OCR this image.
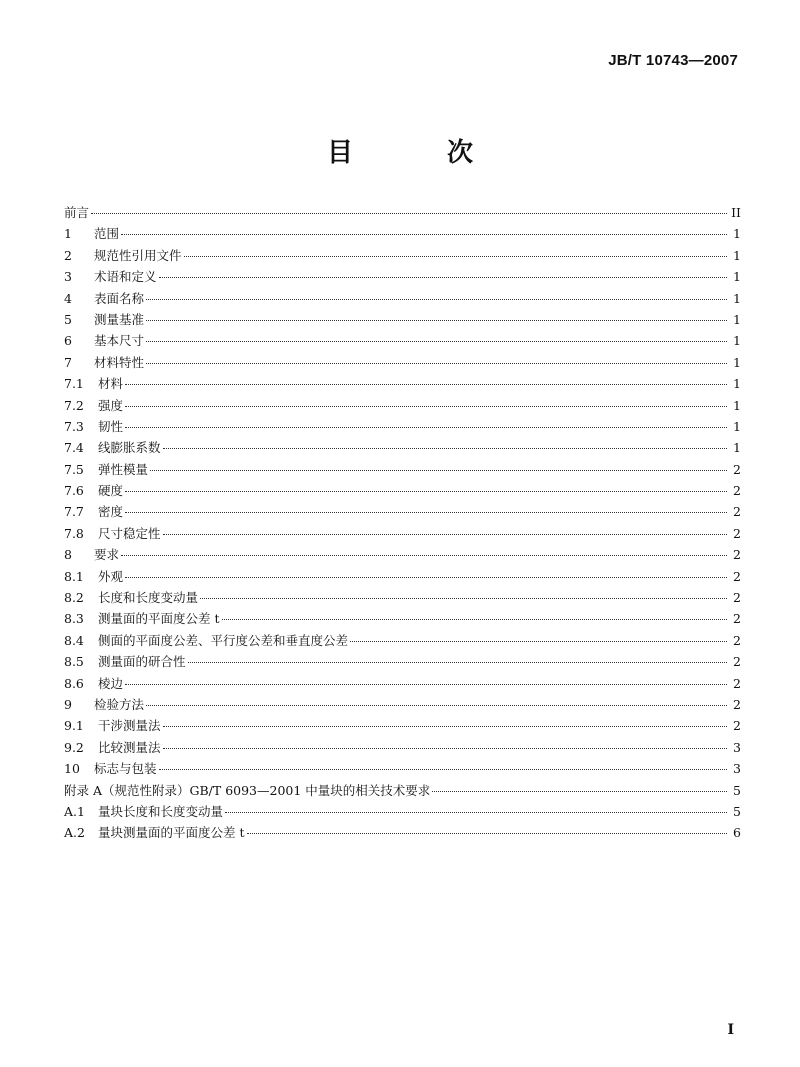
JB/T 10743—2007
目　次
前言	II
1	范围	1
2	规范性引用文件	1
3	术语和定义	1
4	表面名称	1
5	测量基准	1
6	基本尺寸	1
7	材料特性	1
7.1	材料	1
7.2	强度	1
7.3	韧性	1
7.4	线膨胀系数	1
7.5	弹性模量	2
7.6	硬度	2
7.7	密度	2
7.8	尺寸稳定性	2
8	要求	2
8.1	外观	2
8.2	长度和长度变动量	2
8.3	测量面的平面度公差 t	2
8.4	侧面的平面度公差、平行度公差和垂直度公差	2
8.5	测量面的研合性	2
8.6	棱边	2
9	检验方法	2
9.1	干涉测量法	2
9.2	比较测量法	3
10	标志与包装	3
附录 A（规范性附录）GB/T 6093—2001 中量块的相关技术要求	5
A.1	量块长度和长度变动量	5
A.2	量块测量面的平面度公差 t	6
I
